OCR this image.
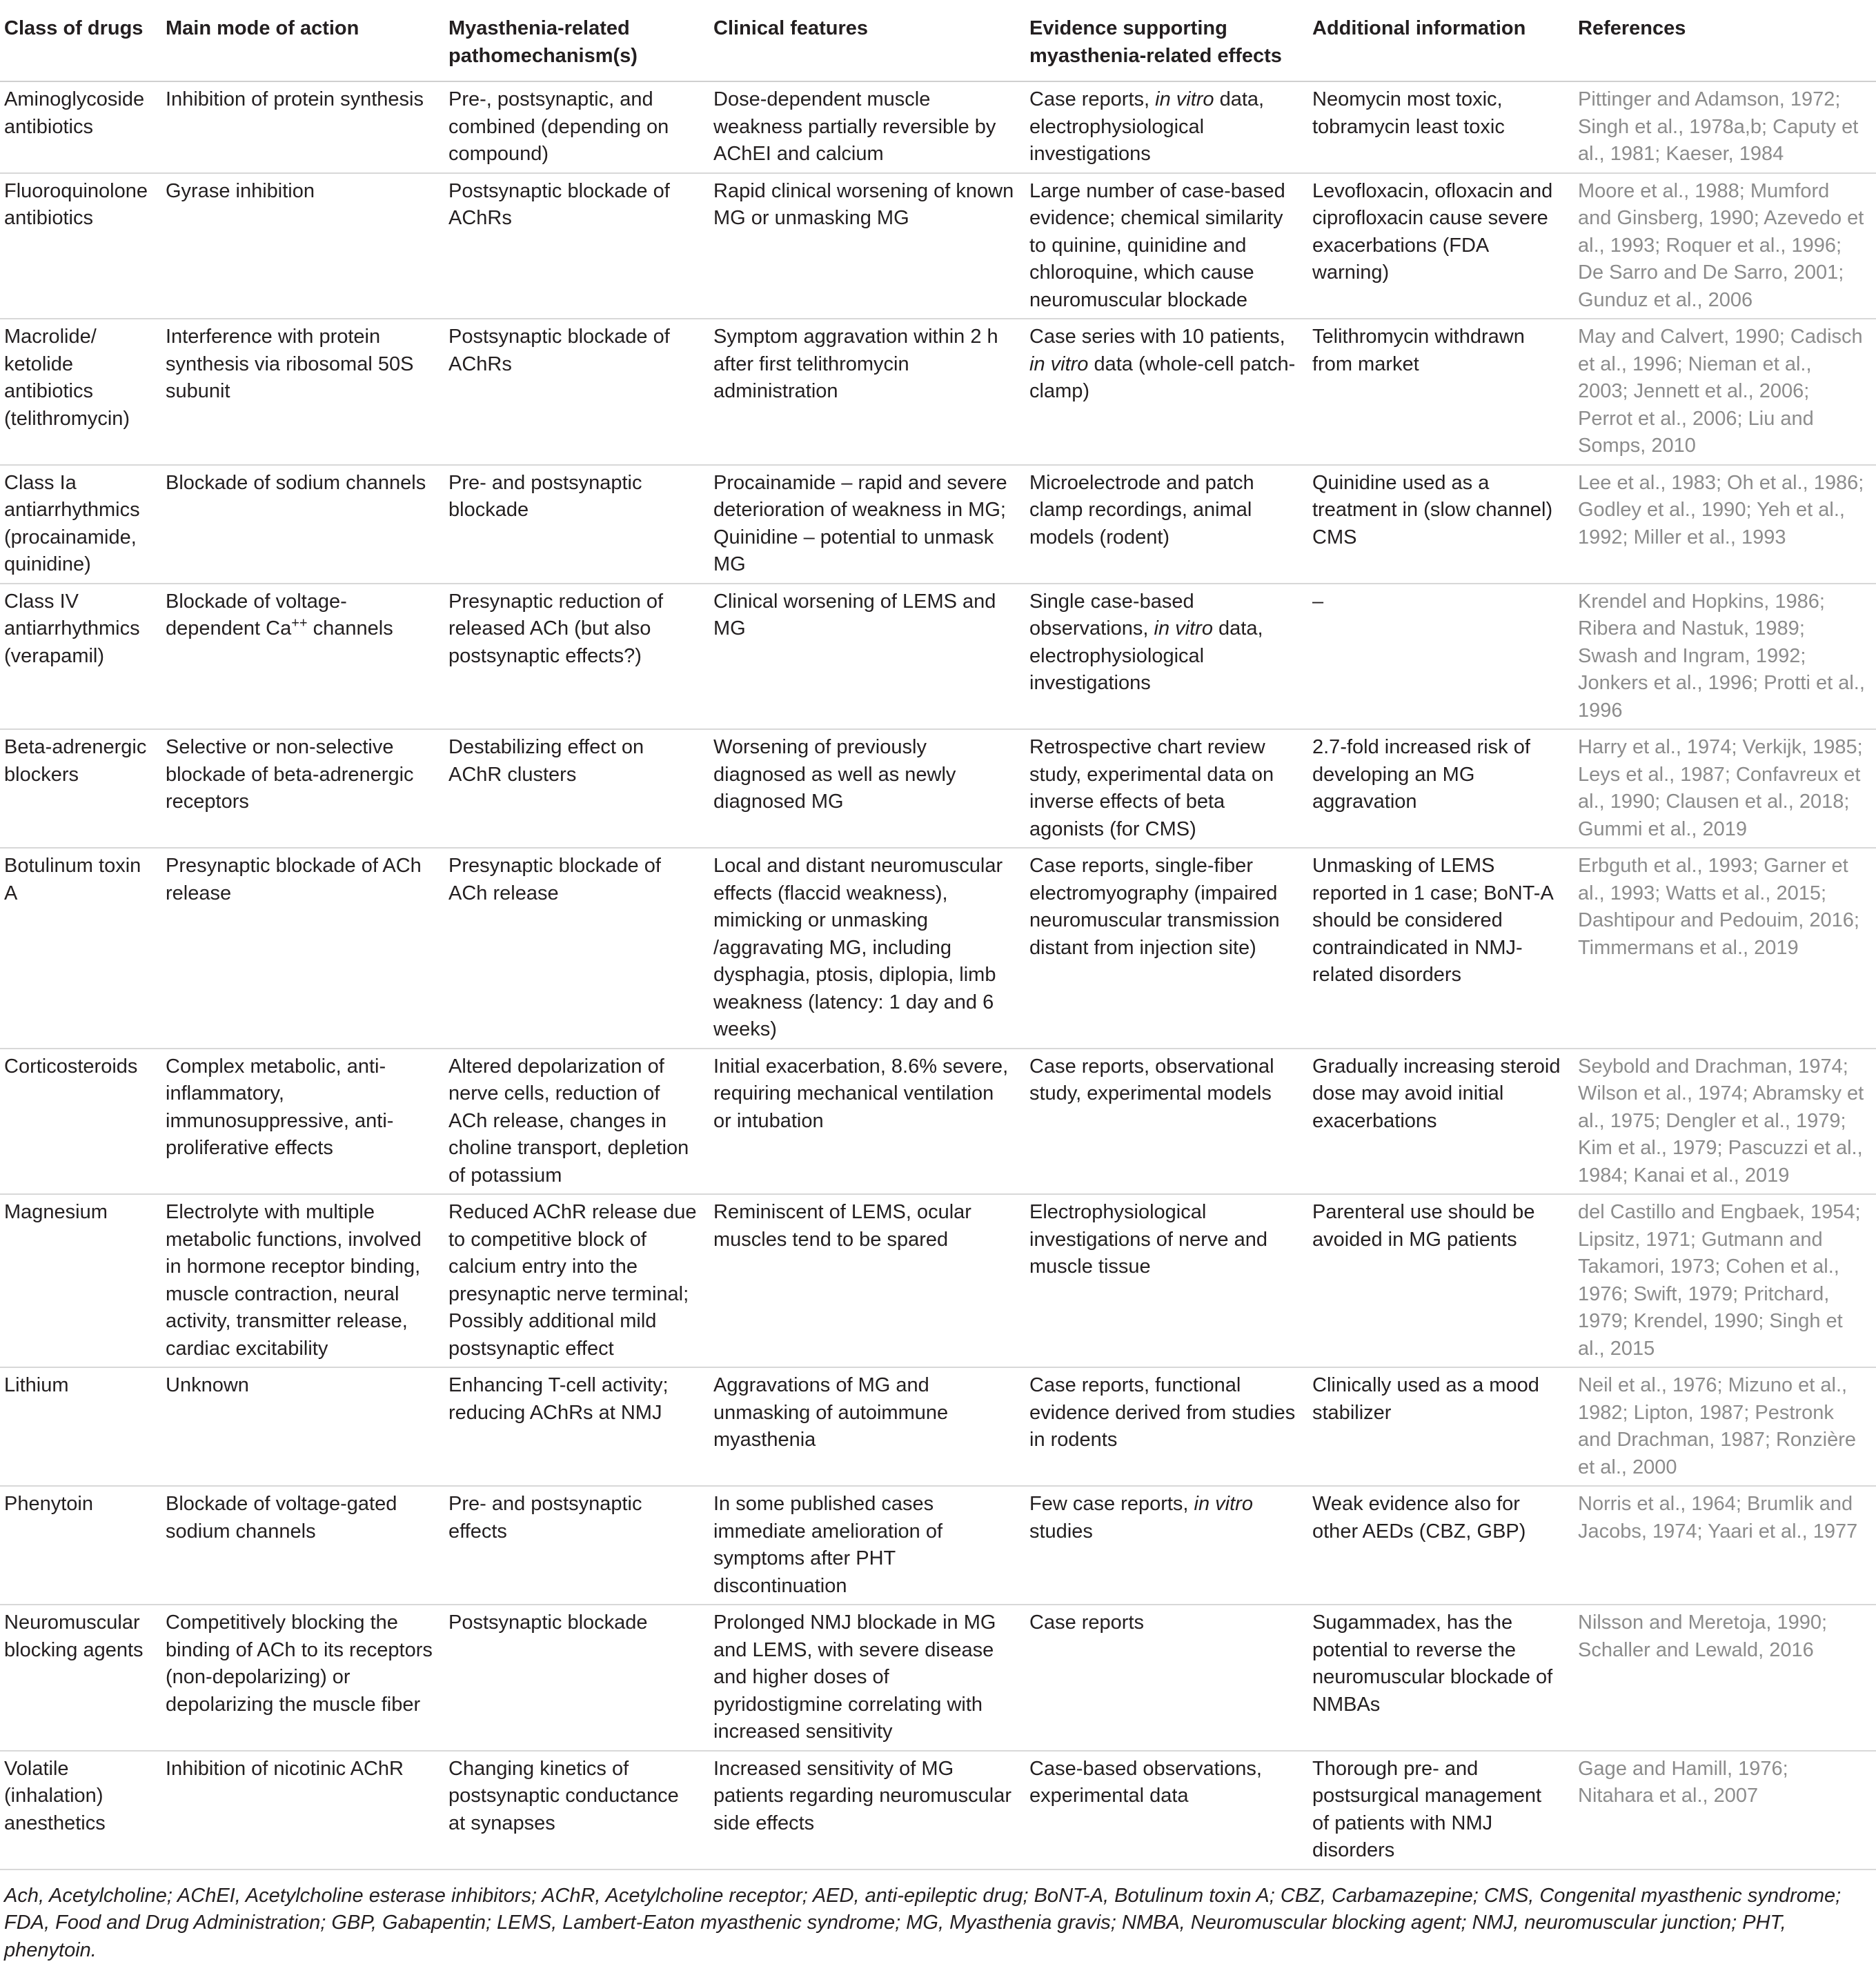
Class of drugs	Main mode of action	Myasthenia-related pathomechanism(s)	Clinical features	Evidence supporting myasthenia-related effects	Additional information	References
Aminoglycoside antibiotics	Inhibition of protein synthesis	Pre-, postsynaptic, and combined (depending on compound)	Dose-dependent muscle weakness partially reversible by AChEI and calcium	Case reports, in vitro data, electrophysiological investigations	Neomycin most toxic, tobramycin least toxic	Pittinger and Adamson, 1972; Singh et al., 1978a,b; Caputy et al., 1981; Kaeser, 1984
Fluoroquinolone antibiotics	Gyrase inhibition	Postsynaptic blockade of AChRs	Rapid clinical worsening of known MG or unmasking MG	Large number of case-based evidence; chemical similarity to quinine, quinidine and chloroquine, which cause neuromuscular blockade	Levofloxacin, ofloxacin and ciprofloxacin cause severe exacerbations (FDA warning)	Moore et al., 1988; Mumford and Ginsberg, 1990; Azevedo et al., 1993; Roquer et al., 1996; De Sarro and De Sarro, 2001; Gunduz et al., 2006
Macrolide/ ketolide antibiotics (telithromycin)	Interference with protein synthesis via ribosomal 50S subunit	Postsynaptic blockade of AChRs	Symptom aggravation within 2 h after first telithromycin administration	Case series with 10 patients, in vitro data (whole-cell patch-clamp)	Telithromycin withdrawn from market	May and Calvert, 1990; Cadisch et al., 1996; Nieman et al., 2003; Jennett et al., 2006; Perrot et al., 2006; Liu and Somps, 2010
Class Ia antiarrhythmics (procainamide, quinidine)	Blockade of sodium channels	Pre- and postsynaptic blockade	Procainamide – rapid and severe deterioration of weakness in MG; Quinidine – potential to unmask MG	Microelectrode and patch clamp recordings, animal models (rodent)	Quinidine used as a treatment in (slow channel) CMS	Lee et al., 1983; Oh et al., 1986; Godley et al., 1990; Yeh et al., 1992; Miller et al., 1993
Class IV antiarrhythmics (verapamil)	Blockade of voltage-dependent Ca++ channels	Presynaptic reduction of released ACh (but also postsynaptic effects?)	Clinical worsening of LEMS and MG	Single case-based observations, in vitro data, electrophysiological investigations	–	Krendel and Hopkins, 1986; Ribera and Nastuk, 1989; Swash and Ingram, 1992; Jonkers et al., 1996; Protti et al., 1996
Beta-adrenergic blockers	Selective or non-selective blockade of beta-adrenergic receptors	Destabilizing effect on AChR clusters	Worsening of previously diagnosed as well as newly diagnosed MG	Retrospective chart review study, experimental data on inverse effects of beta agonists (for CMS)	2.7-fold increased risk of developing an MG aggravation	Harry et al., 1974; Verkijk, 1985; Leys et al., 1987; Confavreux et al., 1990; Clausen et al., 2018; Gummi et al., 2019
Botulinum toxin A	Presynaptic blockade of ACh release	Presynaptic blockade of ACh release	Local and distant neuromuscular effects (flaccid weakness), mimicking or unmasking /aggravating MG, including dysphagia, ptosis, diplopia, limb weakness (latency: 1 day and 6 weeks)	Case reports, single-fiber electromyography (impaired neuromuscular transmission distant from injection site)	Unmasking of LEMS reported in 1 case; BoNT-A should be considered contraindicated in NMJ-related disorders	Erbguth et al., 1993; Garner et al., 1993; Watts et al., 2015; Dashtipour and Pedouim, 2016; Timmermans et al., 2019
Corticosteroids	Complex metabolic, anti-inflammatory, immunosuppressive, anti-proliferative effects	Altered depolarization of nerve cells, reduction of ACh release, changes in choline transport, depletion of potassium	Initial exacerbation, 8.6% severe, requiring mechanical ventilation or intubation	Case reports, observational study, experimental models	Gradually increasing steroid dose may avoid initial exacerbations	Seybold and Drachman, 1974; Wilson et al., 1974; Abramsky et al., 1975; Dengler et al., 1979; Kim et al., 1979; Pascuzzi et al., 1984; Kanai et al., 2019
Magnesium	Electrolyte with multiple metabolic functions, involved in hormone receptor binding, muscle contraction, neural activity, transmitter release, cardiac excitability	Reduced AChR release due to competitive block of calcium entry into the presynaptic nerve terminal; Possibly additional mild postsynaptic effect	Reminiscent of LEMS, ocular muscles tend to be spared	Electrophysiological investigations of nerve and muscle tissue	Parenteral use should be avoided in MG patients	del Castillo and Engbaek, 1954; Lipsitz, 1971; Gutmann and Takamori, 1973; Cohen et al., 1976; Swift, 1979; Pritchard, 1979; Krendel, 1990; Singh et al., 2015
Lithium	Unknown	Enhancing T-cell activity; reducing AChRs at NMJ	Aggravations of MG and unmasking of autoimmune myasthenia	Case reports, functional evidence derived from studies in rodents	Clinically used as a mood stabilizer	Neil et al., 1976; Mizuno et al., 1982; Lipton, 1987; Pestronk and Drachman, 1987; Ronzière et al., 2000
Phenytoin	Blockade of voltage-gated sodium channels	Pre- and postsynaptic effects	In some published cases immediate amelioration of symptoms after PHT discontinuation	Few case reports, in vitro studies	Weak evidence also for other AEDs (CBZ, GBP)	Norris et al., 1964; Brumlik and Jacobs, 1974; Yaari et al., 1977
Neuromuscular blocking agents	Competitively blocking the binding of ACh to its receptors (non-depolarizing) or depolarizing the muscle fiber	Postsynaptic blockade	Prolonged NMJ blockade in MG and LEMS, with severe disease and higher doses of pyridostigmine correlating with increased sensitivity	Case reports	Sugammadex, has the potential to reverse the neuromuscular blockade of NMBAs	Nilsson and Meretoja, 1990; Schaller and Lewald, 2016
Volatile (inhalation) anesthetics	Inhibition of nicotinic AChR	Changing kinetics of postsynaptic conductance at synapses	Increased sensitivity of MG patients regarding neuromuscular side effects	Case-based observations, experimental data	Thorough pre- and postsurgical management of patients with NMJ disorders	Gage and Hamill, 1976; Nitahara et al., 2007
Ach, Acetylcholine; AChEI, Acetylcholine esterase inhibitors; AChR, Acetylcholine receptor; AED, anti-epileptic drug; BoNT-A, Botulinum toxin A; CBZ, Carbamazepine; CMS, Congenital myasthenic syndrome; FDA, Food and Drug Administration; GBP, Gabapentin; LEMS, Lambert-Eaton myasthenic syndrome; MG, Myasthenia gravis; NMBA, Neuromuscular blocking agent; NMJ, neuromuscular junction; PHT, phenytoin.
